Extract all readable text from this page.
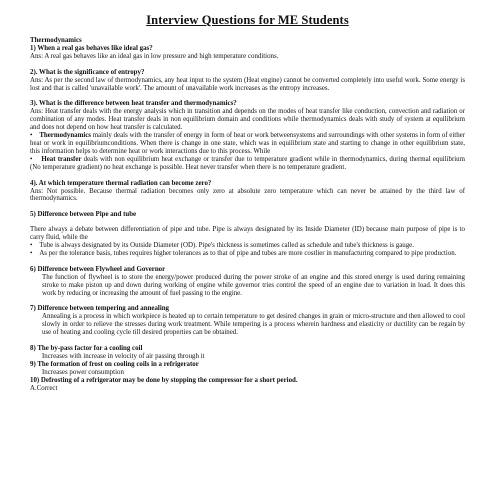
Interview Questions for ME Students

Thermodynamics

1) When a real gas behaves like ideal gas?

Ans: A real gas behaves like an ideal gas in low pressure and high temperature conditions.

2). What is the significance of entropy?

Ans: As per the second law of thermodynamics, any heat input to the system (Heat engine) cannot be converted completely into useful work. Some energy is lost and that is called 'unavailable work'. The amount of unavailable work increases as the entropy increases.

3). What is the difference between heat transfer and thermodynamics?

Ans: Heat transfer deals with the energy analysis which in transition and depends on the modes of heat transfer like conduction, convection and radiation or combination of any modes. Heat transfer deals in non equilibrium domain and conditions while thermodynamics deals with study of system at equilibrium and does not depend on how heat transfer is calculated.

•    Thermodynamics mainly deals with the transfer of energy in form of heat or work betweensystems and surroundings with other systems in form of either heat or work in equilibriumconditions. When there is change in one state, which was in equilibrium state and starting to change in other equilibrium state, this information helps to determine heat or work interactions due to this process. While

•    Heat transfer deals with non equilibrium heat exchange or transfer due to temperature gradient while in thermodynamics, during thermal equilibrium (No temperature gradient) no heat exchange is possible. Heat never transfer when there is no temperature gradient.

4). At which temperature thermal radiation can become zero?

Ans: Not possible. Because thermal radiation becomes only zero at absolute zero temperature which can never be attained by the third law of thermodynamics.

5) Difference between Pipe and tube

There always a debate between differentiation of pipe and tube. Pipe is always designated by its Inside Diameter (ID) because main purpose of pipe is to carry fluid, while the

•    Tube is always designated by its Outside Diameter (OD). Pipe's thickness is sometimes called as schedule and tube's thickness is gauge.

•    As per the tolerance basis, tubes requires higher tolerances as to that of pipe and tubes are more costlier in manufacturing compared to pipe production.

6) Difference between Flywheel and Governor

The function of flywheel is to store the energy/power produced during the power stroke of an engine and this stored energy is used during remaining stroke to make piston up and down during working of engine while governor tries control the speed of an engine due to variation in load. It does this work by reducing or increasing the amount of fuel passing to the engine.

7) Difference between tempering and annealing

Annealing is a process in which workpiece is heated up to certain temperature to get desired changes in grain or micro-structure and then allowed to cool slowly in order to relieve the stresses during work treatment. While tempering is a process wherein hardness and elasticity or ductility can be regain by use of heating and cooling cycle till desired properties can be obtained.

8) The by-pass factor for a cooling coil

Increases with increase in velocity of air passing through it

9) The formation of frost on cooling coils in a refrigerator

Increases power consumption

10) Defrosting of a refrigerator may be done by stopping the compressor for a short period.

A.Correct
